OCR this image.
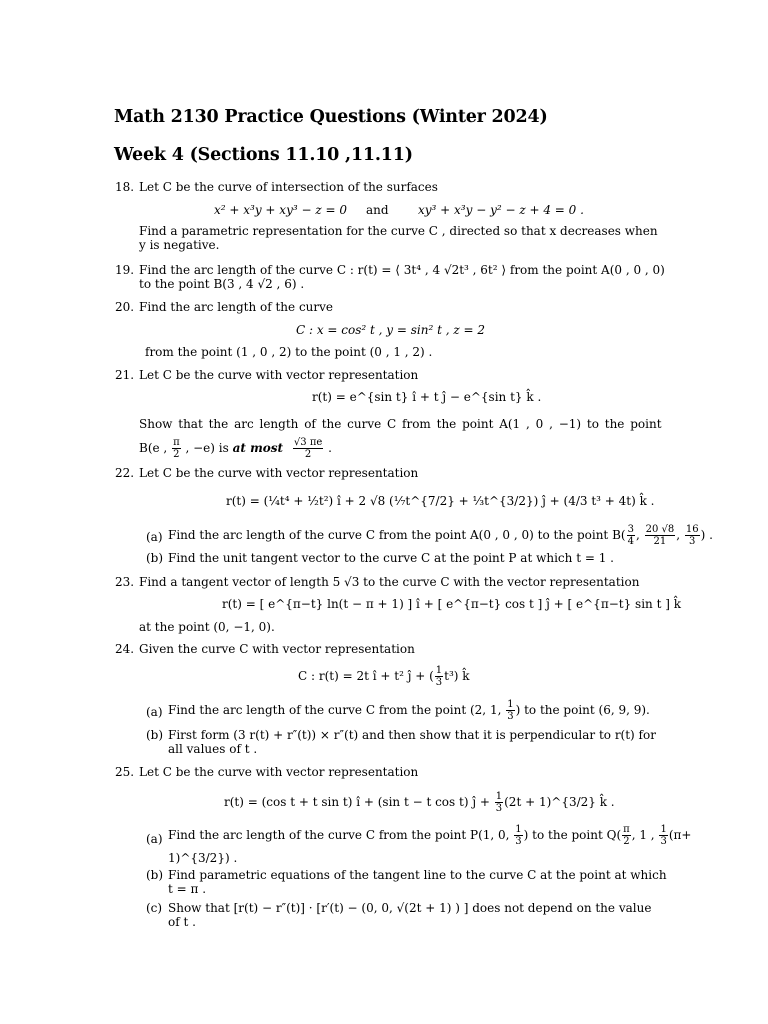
Math 2130 Practice Questions (Winter 2024)
Week 4 (Sections 11.10 ,11.11)
18. Let C be the curve of intersection of the surfaces
x² + x³y + xy³ − z = 0 and xy³ + x³y − y² − z + 4 = 0 .
Find a parametric representation for the curve C , directed so that x decreases when
y is negative.
19. Find the arc length of the curve C : r(t) = ⟨ 3t⁴ , 4 √2t³ , 6t² ⟩ from the point A(0 , 0 , 0)
to the point B(3 , 4 √2 , 6) .
20. Find the arc length of the curve
C : x = cos² t , y = sin² t , z = 2
from the point (1 , 0 , 2) to the point (0 , 1 , 2) .
21. Let C be the curve with vector representation
r(t) = e^{sin t} î + t ĵ − e^{sin t} k̂ .
Show that the arc length of the curve C from the point A(1 , 0 , −1) to the point
B(e , $\frac{\pi}{2}$ , −e) is at most $\frac{√3 \pi e}{2}$ .
22. Let C be the curve with vector representation
r(t) = (¼t⁴ + ½t²) î + 2 √8 (⅐t^{7/2} + ⅓t^{3/2}) ĵ + (4/3 t³ + 4t) k̂ .
(a) Find the arc length of the curve C from the point A(0 , 0 , 0) to the point $B( \frac{3}{4}$ , $\frac{20 √8}{21}$ , $\frac{16}{3}$ ) .
(b) Find the unit tangent vector to the curve C at the point P at which t = 1 .
23. Find a tangent vector of length 5 √3 to the curve C with the vector representation
r(t) = [ e^{π−t} ln(t − π + 1) ] î + [ e^{π−t} cos t ] ĵ + [ e^{π−t} sin t ] k̂
at the point (0, −1, 0).
24. Given the curve C with vector representation
C : r(t) = 2t î + t² ĵ + ( $\frac{1}{3} t^3$) k̂
(a) Find the arc length of the curve C from the point (2, 1, $\frac{1}{3}$ ) to the point (6, 9, 9).
(b) First form (3 r(t) + r″(t)) × r″(t) and then show that it is perpendicular to r(t) for
all values of t .
25. Let C be the curve with vector representation
r(t) = (cos t + t sin t) î + (sin t − t cos t) ĵ + $\frac{1}{3} (2t$ + 1)^{3/2} k̂ .
(a) Find the arc length of the curve C from the point P(1, 0, $\frac{1}{3}$ ) to the point $Q( \frac{\pi}{2}$ , 1 , $\frac{1}{3} (\pi+$
1)^{3/2}) .
(b) Find parametric equations of the tangent line to the curve C at the point at which
t = π .
(c) Show that [r(t) − r″(t)] · [r′(t) − (0, 0, √(2t + 1) ) ] does not depend on the value
of t .
